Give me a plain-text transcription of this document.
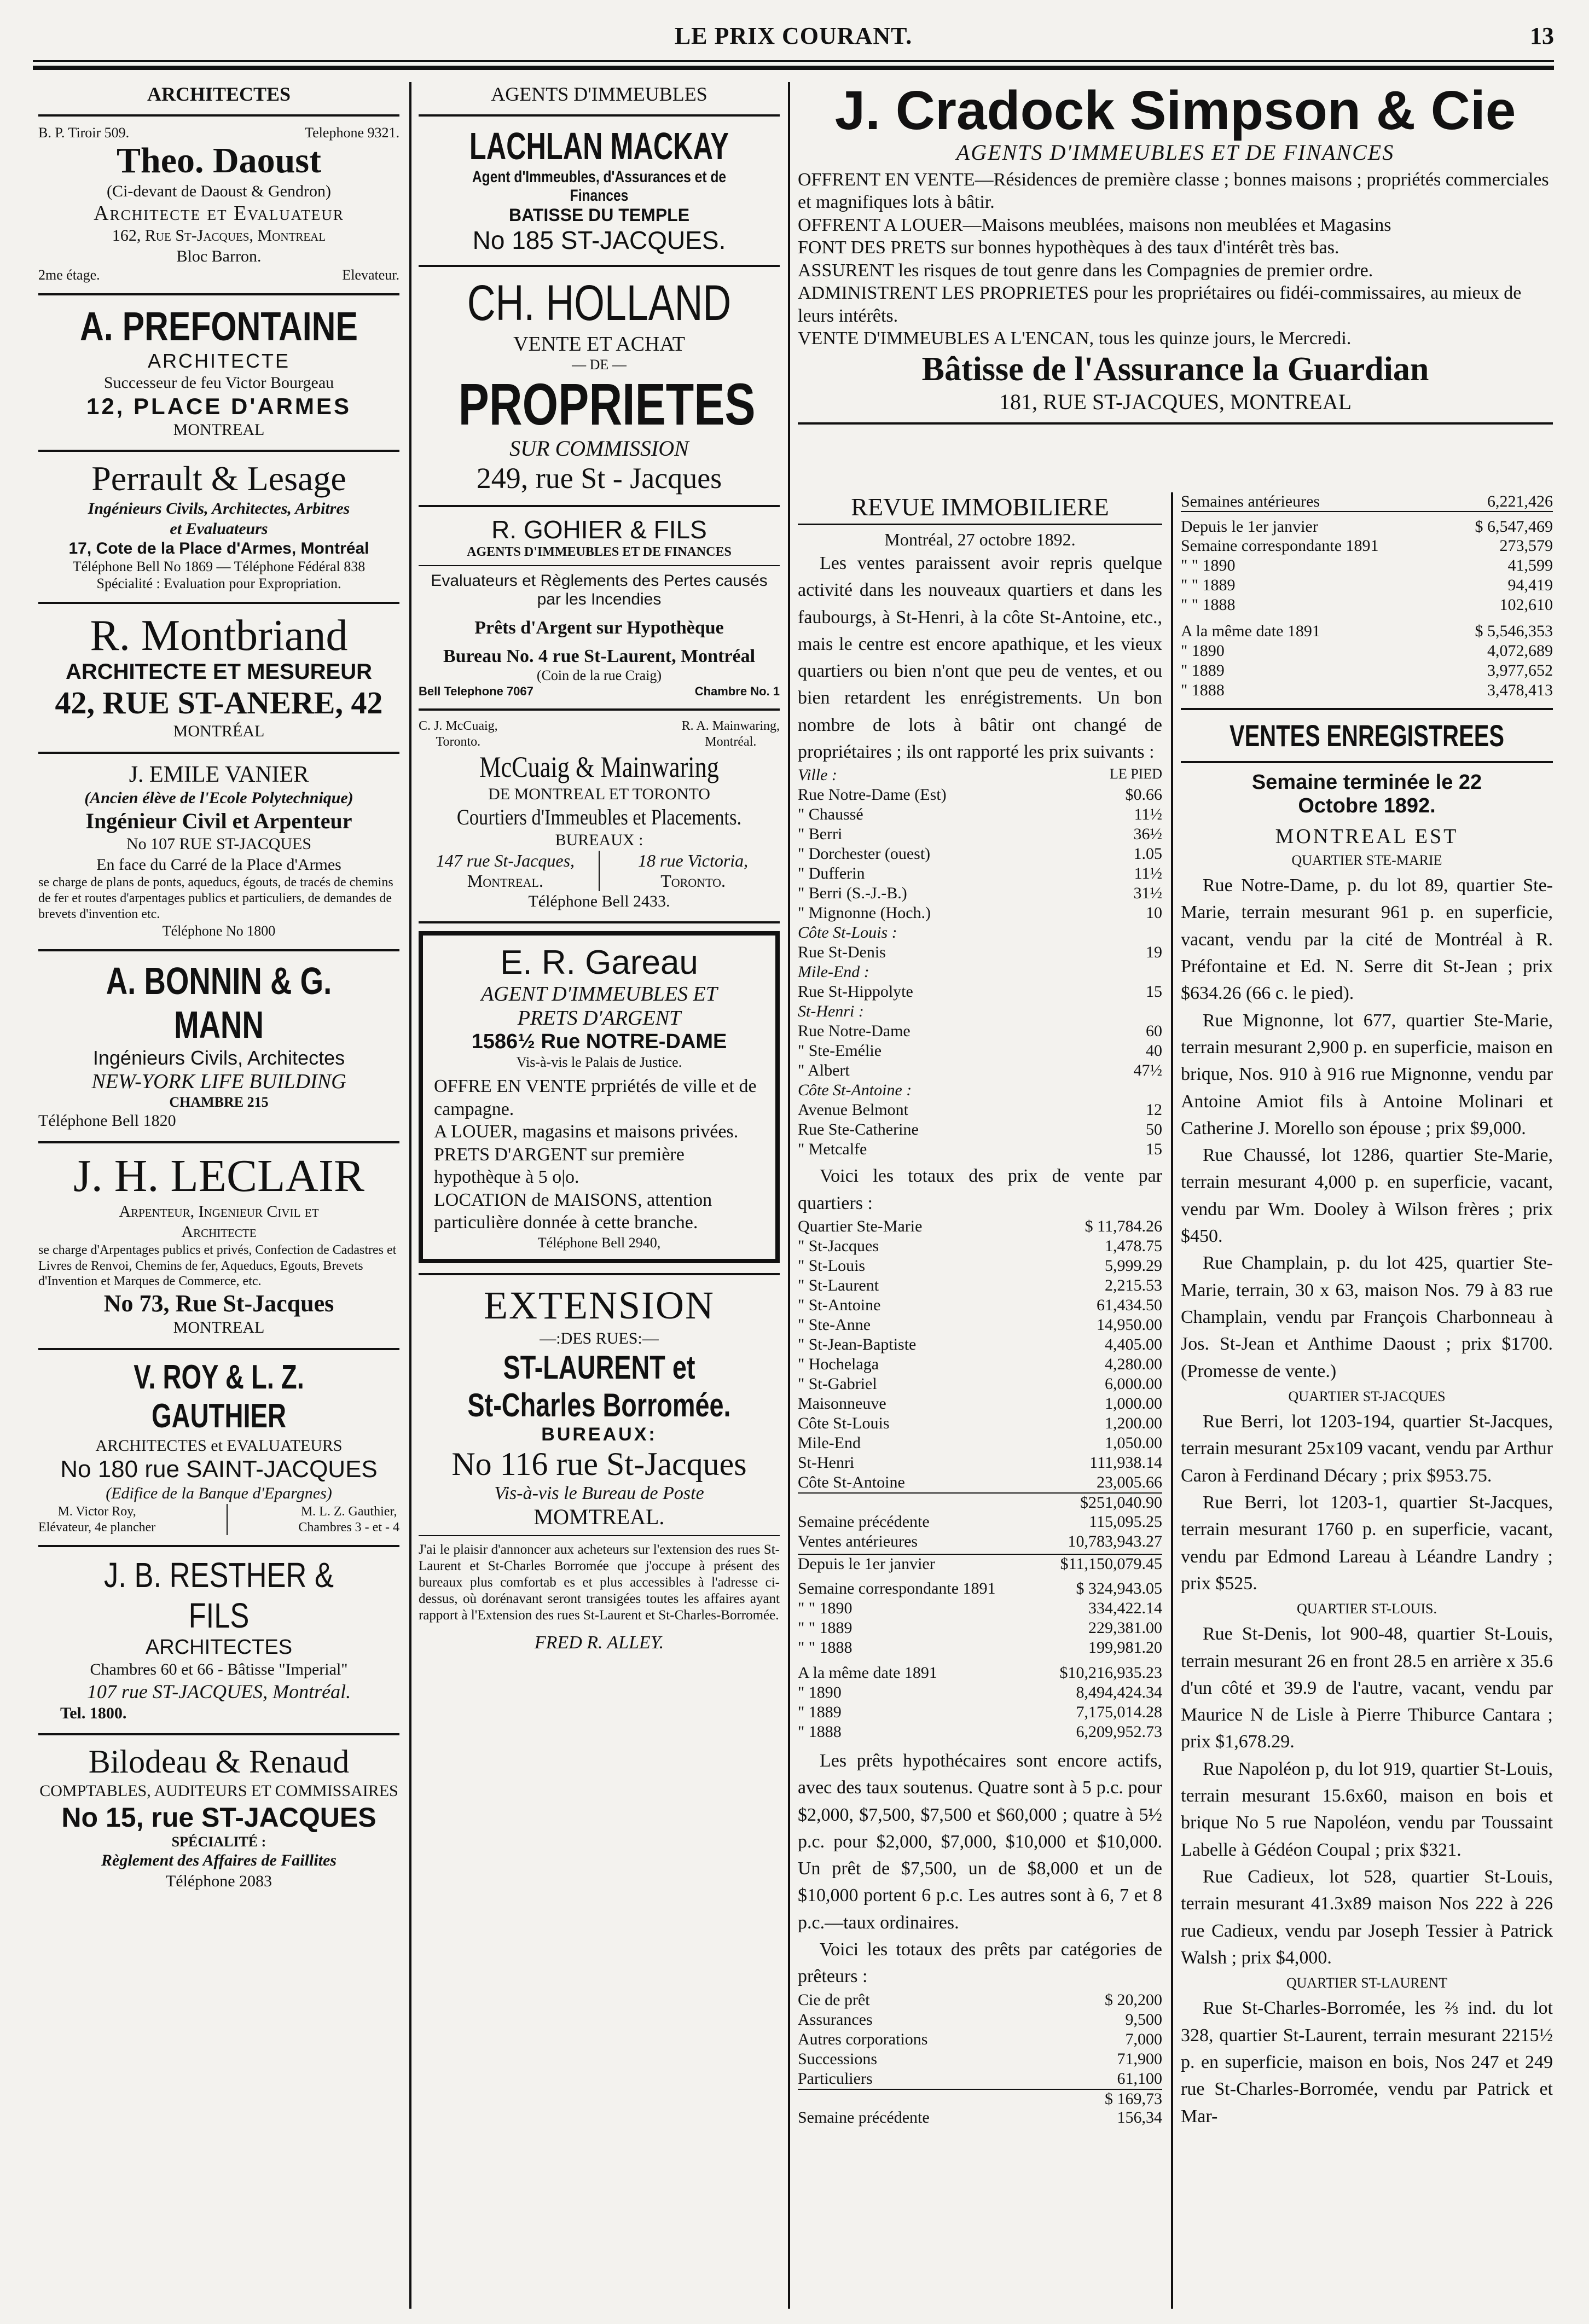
LE PRIX COURANT.	13
ARCHITECTES
B. P. Tiroir 509.	Telephone 9321.
Theo. Daoust
(Ci-devant de Daoust & Gendron)
Architecte et Evaluateur
162, Rue St-Jacques, Montreal
Bloc Barron.
2me étage.	Elevateur.
A. PREFONTAINE
ARCHITECTE
Successeur de feu Victor Bourgeau
12, PLACE D'ARMES
MONTREAL
Perrault & Lesage
Ingénieurs Civils, Architectes, Arbitres
et Evaluateurs
17, Cote de la Place d'Armes, Montréal
Téléphone Bell No 1869 — Téléphone Fédéral 838
Spécialité : Evaluation pour Expropriation.
R. Montbriand
ARCHITECTE ET MESUREUR
42, RUE ST-ANERE, 42
MONTRÉAL
J. EMILE VANIER
(Ancien élève de l'Ecole Polytechnique)
Ingénieur Civil et Arpenteur
No 107 RUE ST-JACQUES
En face du Carré de la Place d'Armes
se charge de plans de ponts, aqueducs, égouts, de tracés de chemins de fer et routes d'arpentages publics et particuliers, de demandes de brevets d'invention etc.
Téléphone No 1800
A. BONNIN & G. MANN
Ingénieurs Civils, Architectes
NEW-YORK LIFE BUILDING
CHAMBRE 215
Téléphone Bell 1820
J. H. LECLAIR
Arpenteur, Ingenieur Civil et
Architecte
se charge d'Arpentages publics et privés, Confection de Cadastres et Livres de Renvoi, Chemins de fer, Aqueducs, Egouts, Brevets d'Invention et Marques de Commerce, etc.
No 73, Rue St-Jacques
MONTREAL
V. ROY & L. Z. GAUTHIER
ARCHITECTES et EVALUATEURS
No 180 rue SAINT-JACQUES
(Edifice de la Banque d'Epargnes)
M. Victor Roy,
Elévateur, 4e plancher
M. L. Z. Gauthier,
Chambres 3 - et - 4
J. B. RESTHER & FILS
ARCHITECTES
Chambres 60 et 66 - Bâtisse "Imperial"
107 rue ST-JACQUES, Montréal.
Tel. 1800.
Bilodeau & Renaud
COMPTABLES, AUDITEURS ET COMMISSAIRES
No 15, rue ST-JACQUES
SPÉCIALITÉ :
Règlement des Affaires de Faillites
Téléphone 2083
AGENTS D'IMMEUBLES
LACHLAN MACKAY
Agent d'Immeubles, d'Assurances et de Finances
BATISSE DU TEMPLE
No 185 ST-JACQUES.
CH. HOLLAND
VENTE ET ACHAT
— DE —
PROPRIETES
SUR COMMISSION
249, rue St - Jacques
R. GOHIER & FILS
AGENTS D'IMMEUBLES ET DE FINANCES
Evaluateurs et Règlements des Pertes causés par les Incendies
Prêts d'Argent sur Hypothèque
Bureau No. 4 rue St-Laurent, Montréal
(Coin de la rue Craig)
Bell Telephone 7067	Chambre No. 1
C. J. McCuaig,
Toronto.
R. A. Mainwaring,
Montréal.
McCuaig & Mainwaring
DE MONTREAL ET TORONTO
Courtiers d'Immeubles et Placements.
BUREAUX :
147 rue St-Jacques,
Montreal.
18 rue Victoria,
Toronto.
Téléphone Bell 2433.
E. R. Gareau
AGENT D'IMMEUBLES ET
PRETS D'ARGENT
1586½ Rue NOTRE-DAME
Vis-à-vis le Palais de Justice.
OFFRE EN VENTE prpriétés de ville et de campagne.
A LOUER, magasins et maisons privées.
PRETS D'ARGENT sur première hypothèque à 5 o|o.
LOCATION de MAISONS, attention particulière donnée à cette branche.
Téléphone Bell 2940,
EXTENSION
—:DES RUES:—
ST-LAURENT et
St-Charles Borromée.
BUREAUX:
No 116 rue St-Jacques
Vis-à-vis le Bureau de Poste
MOMTREAL.
J'ai le plaisir d'annoncer aux acheteurs sur l'extension des rues St-Laurent et St-Charles Borromée que j'occupe à présent des bureaux plus comfortab es et plus accessibles à l'adresse ci-dessus, où dorénavant seront transigées toutes les affaires ayant rapport à l'Extension des rues St-Laurent et St-Charles-Borromée.
FRED R. ALLEY.
J. Cradock Simpson & Cie
AGENTS D'IMMEUBLES ET DE FINANCES
OFFRENT EN VENTE—Résidences de première classe ; bonnes maisons ; propriétés commerciales et magnifiques lots à bâtir.
OFFRENT A LOUER—Maisons meublées, maisons non meublées et Magasins
FONT DES PRETS sur bonnes hypothèques à des taux d'intérêt très bas.
ASSURENT les risques de tout genre dans les Compagnies de premier ordre.
ADMINISTRENT LES PROPRIETES pour les propriétaires ou fidéi-commissaires, au mieux de leurs intérêts.
VENTE D'IMMEUBLES A L'ENCAN, tous les quinze jours, le Mercredi.
Bâtisse de l'Assurance la Guardian
181, RUE ST-JACQUES, MONTREAL
REVUE IMMOBILIERE
Montréal, 27 octobre 1892.

Les ventes paraissent avoir repris quelque activité dans les nouveaux quartiers et dans les faubourgs, à St-Henri, à la côte St-Antoine, etc., mais le centre est encore apathique, et les vieux quartiers ou bien n'ont que peu de ventes, et ou bien retardent les enrégistrements. Un bon nombre de lots à bâtir ont changé de propriétaires ; ils ont rapporté les prix suivants :

Ville :	LE PIED
Rue Notre-Dame (Est)	$0.66
" Chaussé	11½
" Berri	36½
" Dorchester (ouest)	1.05
" Dufferin	11½
" Berri (S.-J.-B.)	31½
" Mignonne (Hoch.)	10
Côte St-Louis :	
Rue St-Denis	19
Mile-End :	
Rue St-Hippolyte	15
St-Henri :	
Rue Notre-Dame	60
" Ste-Emélie	40
" Albert	47½
Côte St-Antoine :	
Avenue Belmont	12
Rue Ste-Catherine	50
" Metcalfe	15

Voici les totaux des prix de vente par quartiers :

Quartier Ste-Marie	$ 11,784.26
" St-Jacques	1,478.75
" St-Louis	5,999.29
" St-Laurent	2,215.53
" St-Antoine	61,434.50
" Ste-Anne	14,950.00
" St-Jean-Baptiste	4,405.00
" Hochelaga	4,280.00
" St-Gabriel	6,000.00
Maisonneuve	1,000.00
Côte St-Louis	1,200.00
Mile-End	1,050.00
St-Henri	111,938.14
Côte St-Antoine	23,005.66
$251,040.90
Semaine précédente	115,095.25
Ventes antérieures	10,783,943.27
Depuis le 1er janvier	$11,150,079.45
Semaine correspondante 1891	$ 324,943.05
" " 1890	334,422.14
" " 1889	229,381.00
" " 1888	199,981.20
A la même date 1891	$10,216,935.23
" 1890	8,494,424.34
" 1889	7,175,014.28
" 1888	6,209,952.73

Les prêts hypothécaires sont encore actifs, avec des taux soutenus. Quatre sont à 5 p.c. pour $2,000, $7,500, $7,500 et $60,000 ; quatre à 5½ p.c. pour $2,000, $7,000, $10,000 et $10,000. Un prêt de $7,500, un de $8,000 et un de $10,000 portent 6 p.c. Les autres sont à 6, 7 et 8 p.c.—taux ordinaires.

Voici les totaux des prêts par catégories de prêteurs :

Cie de prêt	$ 20,200
Assurances	9,500
Autres corporations	7,000
Successions	71,900
Particuliers	61,100
$ 169,73
Semaine précédente	156,34
Semaines antérieures	6,221,426
Depuis le 1er janvier	$ 6,547,469
Semaine correspondante 1891	273,579
" " 1890	41,599
" " 1889	94,419
" " 1888	102,610
A la même date 1891	$ 5,546,353
" 1890	4,072,689
" 1889	3,977,652
" 1888	3,478,413
VENTES ENREGISTREES
Semaine terminée le 22 Octobre 1892.
MONTREAL EST
QUARTIER STE-MARIE

Rue Notre-Dame, p. du lot 89, quartier Ste-Marie, terrain mesurant 961 p. en superficie, vacant, vendu par la cité de Montréal à R. Préfontaine et Ed. N. Serre dit St-Jean ; prix $634.26 (66 c. le pied).

Rue Mignonne, lot 677, quartier Ste-Marie, terrain mesurant 2,900 p. en superficie, maison en brique, Nos. 910 à 916 rue Mignonne, vendu par Antoine Amiot fils à Antoine Molinari et Catherine J. Morello son épouse ; prix $9,000.

Rue Chaussé, lot 1286, quartier Ste-Marie, terrain mesurant 4,000 p. en superficie, vacant, vendu par Wm. Dooley à Wilson frères ; prix $450.

Rue Champlain, p. du lot 425, quartier Ste-Marie, terrain, 30 x 63, maison Nos. 79 à 83 rue Champlain, vendu par François Charbonneau à Jos. St-Jean et Anthime Daoust ; prix $1700. (Promesse de vente.)

QUARTIER ST-JACQUES

Rue Berri, lot 1203-194, quartier St-Jacques, terrain mesurant 25x109 vacant, vendu par Arthur Caron à Ferdinand Décary ; prix $953.75.

Rue Berri, lot 1203-1, quartier St-Jacques, terrain mesurant 1760 p. en superficie, vacant, vendu par Edmond Lareau à Léandre Landry ; prix $525.

QUARTIER ST-LOUIS.

Rue St-Denis, lot 900-48, quartier St-Louis, terrain mesurant 26 en front 28.5 en arrière x 35.6 d'un côté et 39.9 de l'autre, vacant, vendu par Maurice N de Lisle à Pierre Thiburce Cantara ; prix $1,678.29.

Rue Napoléon p, du lot 919, quartier St-Louis, terrain mesurant 15.6x60, maison en bois et brique No 5 rue Napoléon, vendu par Toussaint Labelle à Gédéon Coupal ; prix $321.

Rue Cadieux, lot 528, quartier St-Louis, terrain mesurant 41.3x89 maison Nos 222 à 226 rue Cadieux, vendu par Joseph Tessier à Patrick Walsh ; prix $4,000.

QUARTIER ST-LAURENT

Rue St-Charles-Borromée, les ⅔ ind. du lot 328, quartier St-Laurent, terrain mesurant 2215½ p. en superficie, maison en bois, Nos 247 et 249 rue St-Charles-Borromée, vendu par Patrick et Mar-
